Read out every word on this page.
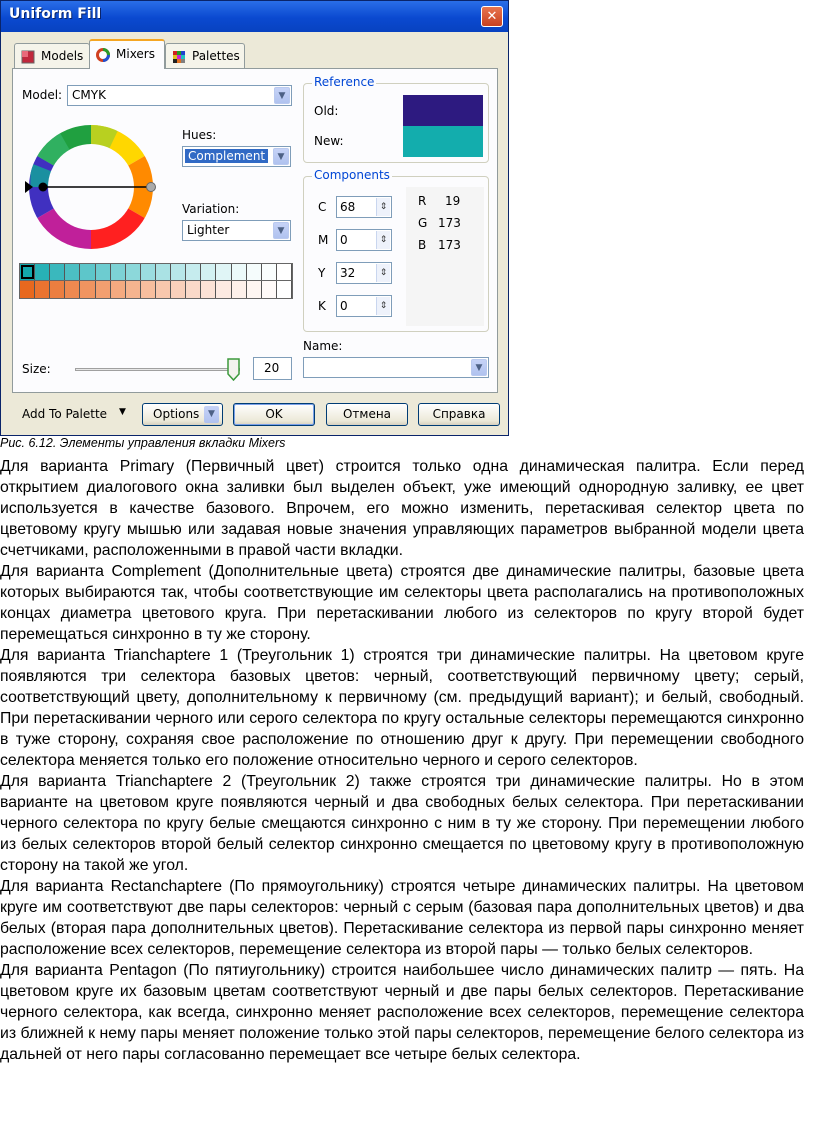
Uniform Fill	✕
Models	Mixers	Palettes
Model: CMYK	▼
Hues:
Complement	▼
Variation:
Lighter	▼
Size:	20
Reference
Old:
New:
Components
C 68	⇕
M 0	⇕
Y 32	⇕
K 0	⇕
R 19
G 173
B 173
Name:
▼
Add To Palette ▼	Options ▼	OK	Отмена	Справка
Рис. 6.12. Элементы управления вкладки Mixers

Для варианта Primary (Первичный цвет) строится только одна динамическая палитра. Если перед открытием диалогового окна заливки был выделен объект, уже имеющий однородную заливку, ее цвет используется в качестве базового. Впрочем, его можно изменить, перетаскивая селектор цвета по цветовому кругу мышью или задавая новые значения управляющих параметров выбранной модели цвета счетчиками, расположенными в правой части вкладки.

Для варианта Complement (Дополнительные цвета) строятся две динамические палитры, базовые цвета которых выбираются так, чтобы соответствующие им селекторы цвета располагались на противоположных концах диаметра цветового круга. При перетаскивании любого из селекторов по кругу второй будет перемещаться синхронно в ту же сторону.

Для варианта Trianchaptere 1 (Треугольник 1) строятся три динамические палитры. На цветовом круге появляются три селектора базовых цветов: черный, соответствующий первичному цвету; серый, соответствующий цвету, дополнительному к первичному (см. предыдущий вариант); и белый, свободный. При перетаскивании черного или серого селектора по кругу остальные селекторы перемещаются синхронно в туже сторону, сохраняя свое расположение по отношению друг к другу. При перемещении свободного селектора меняется только его положение относительно черного и серого селекторов.

Для варианта Trianchaptere 2 (Треугольник 2) также строятся три динамические палитры. Но в этом варианте на цветовом круге появляются черный и два свободных белых селектора. При перетаскивании черного селектора по кругу белые смещаются синхронно с ним в ту же сторону. При перемещении любого из белых селекторов второй белый селектор синхронно смещается по цветовому кругу в противоположную сторону на такой же угол.

Для варианта Rectanchaptere (По прямоугольнику) строятся четыре динамических палитры. На цветовом круге им соответствуют две пары селекторов: черный с серым (базовая пара дополнительных цветов) и два белых (вторая пара дополнительных цветов). Перетаскивание селектора из первой пары синхронно меняет расположение всех селекторов, перемещение селектора из второй пары — только белых селекторов.

Для варианта Pentagon (По пятиугольнику) строится наибольшее число динамических палитр — пять. На цветовом круге их базовым цветам соответствуют черный и две пары белых селекторов. Перетаскивание черного селектора, как всегда, синхронно меняет расположение всех селекторов, перемещение селектора из ближней к нему пары меняет положение только этой пары селекторов, перемещение белого селектора из дальней от него пары согласованно перемещает все четыре белых селектора.
